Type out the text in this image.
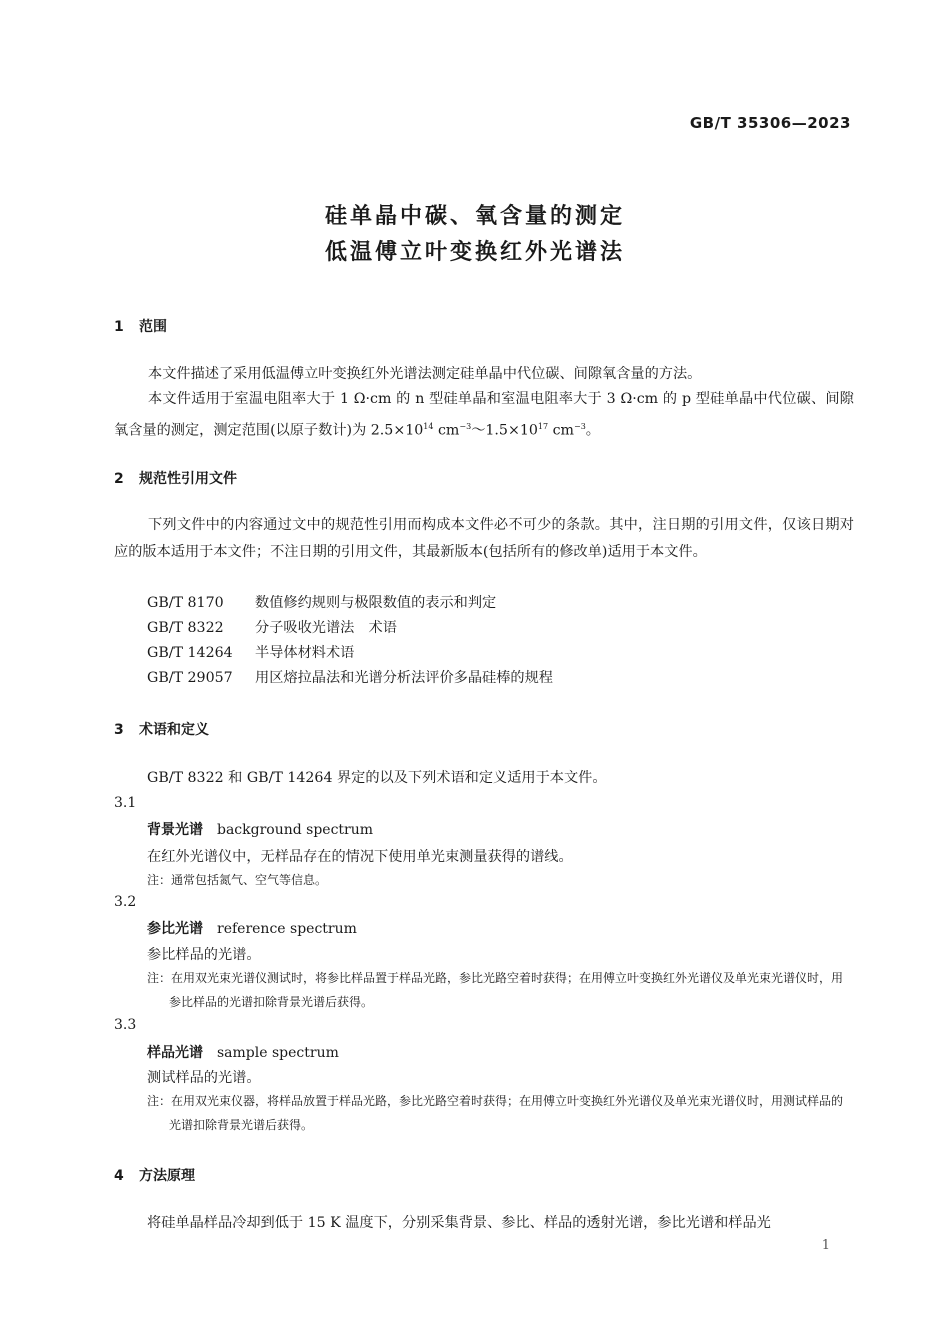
GB/T 35306—2023
硅单晶中碳、氧含量的测定
低温傅立叶变换红外光谱法
1 范围
本文件描述了采用低温傅立叶变换红外光谱法测定硅单晶中代位碳、间隙氧含量的方法。
本文件适用于室温电阻率大于 1 Ω·cm 的 n 型硅单晶和室温电阻率大于 3 Ω·cm 的 p 型硅单晶中代位碳、间隙氧含量的测定，测定范围(以原子数计)为 $2.5\times 10^{14}$ $cm^{-3}\sim 1.5\times 10^{17}$ $cm^{-3}$。
2 规范性引用文件
下列文件中的内容通过文中的规范性引用而构成本文件必不可少的条款。其中，注日期的引用文件，仅该日期对应的版本适用于本文件；不注日期的引用文件，其最新版本(包括所有的修改单)适用于本文件。
GB/T 8170 数值修约规则与极限数值的表示和判定
GB/T 8322 分子吸收光谱法　术语
GB/T 14264 半导体材料术语
GB/T 29057 用区熔拉晶法和光谱分析法评价多晶硅棒的规程
3 术语和定义
GB/T 8322 和 GB/T 14264 界定的以及下列术语和定义适用于本文件。
3.1
背景光谱 background spectrum
在红外光谱仪中，无样品存在的情况下使用单光束测量获得的谱线。
注：通常包括氮气、空气等信息。
3.2
参比光谱 reference spectrum
参比样品的光谱。
注：在用双光束光谱仪测试时，将参比样品置于样品光路，参比光路空着时获得；在用傅立叶变换红外光谱仪及单光束光谱仪时，用参比样品的光谱扣除背景光谱后获得。
3.3
样品光谱 sample spectrum
测试样品的光谱。
注：在用双光束仪器，将样品放置于样品光路，参比光路空着时获得；在用傅立叶变换红外光谱仪及单光束光谱仪时，用测试样品的光谱扣除背景光谱后获得。
4 方法原理
将硅单晶样品冷却到低于 15 K 温度下，分别采集背景、参比、样品的透射光谱，参比光谱和样品光
1
